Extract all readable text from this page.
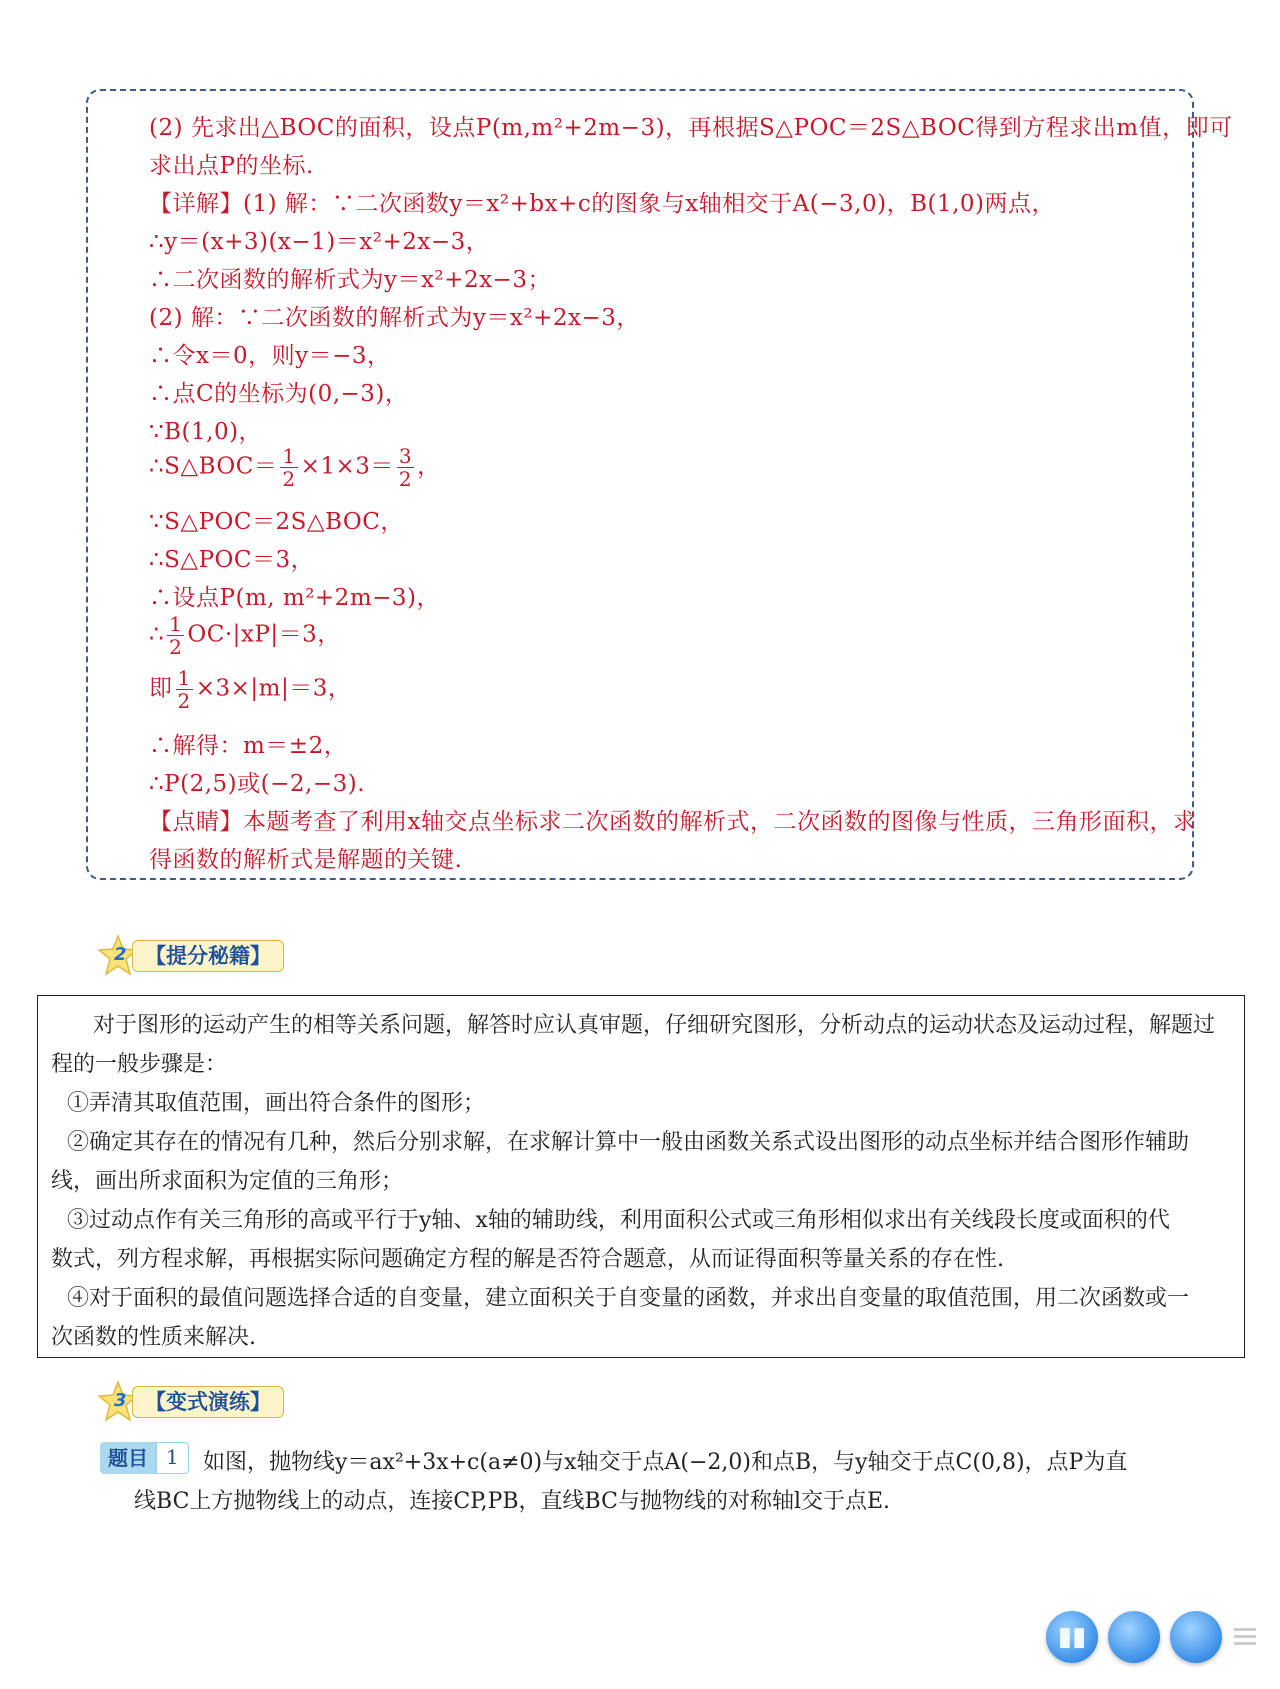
(2) 先求出△BOC的面积，设点P(m,m²+2m−3)，再根据S△POC＝2S△BOC得到方程求出m值，即可
求出点P的坐标.
【详解】(1) 解：∵二次函数y＝x²+bx+c的图象与x轴相交于A(−3,0)，B(1,0)两点，
∴y＝(x+3)(x−1)＝x²+2x−3，
∴二次函数的解析式为y＝x²+2x−3；
(2) 解：∵二次函数的解析式为y＝x²+2x−3，
∴令x＝0，则y＝−3，
∴点C的坐标为(0,−3)，
∵B(1,0)，
∴S△BOC＝ $\frac{1}{2} \times 1\times 3= \frac{3}{2}$ ，
∵S△POC＝2S△BOC，
∴S△POC＝3，
∴设点P(m, m²+2m−3)，
∴ $\frac{1}{2} OC\cdot|xP|=3$，
即 $\frac{1}{2} \times 3\times|m|=3$，
∴解得：m＝±2，
∴P(2,5)或(−2,−3).
【点睛】本题考查了利用x轴交点坐标求二次函数的解析式，二次函数的图像与性质，三角形面积，求
得函数的解析式是解题的关键.
2 【提分秘籍】
对于图形的运动产生的相等关系问题，解答时应认真审题，仔细研究图形，分析动点的运动状态及运动过程，解题过
程的一般步骤是：
①弄清其取值范围，画出符合条件的图形；
②确定其存在的情况有几种，然后分别求解，在求解计算中一般由函数关系式设出图形的动点坐标并结合图形作辅助
线，画出所求面积为定值的三角形；
③过动点作有关三角形的高或平行于y轴、x轴的辅助线，利用面积公式或三角形相似求出有关线段长度或面积的代
数式，列方程求解，再根据实际问题确定方程的解是否符合题意，从而证得面积等量关系的存在性.
④对于面积的最值问题选择合适的自变量，建立面积关于自变量的函数，并求出自变量的取值范围，用二次函数或一
次函数的性质来解决.
3 【变式演练】
题目 1	如图，抛物线y＝ax²+3x+c(a≠0)与x轴交于点A(−2,0)和点B，与y轴交于点C(0,8)，点P为直
线BC上方抛物线上的动点，连接CP,PB，直线BC与抛物线的对称轴l交于点E.
▮▮
